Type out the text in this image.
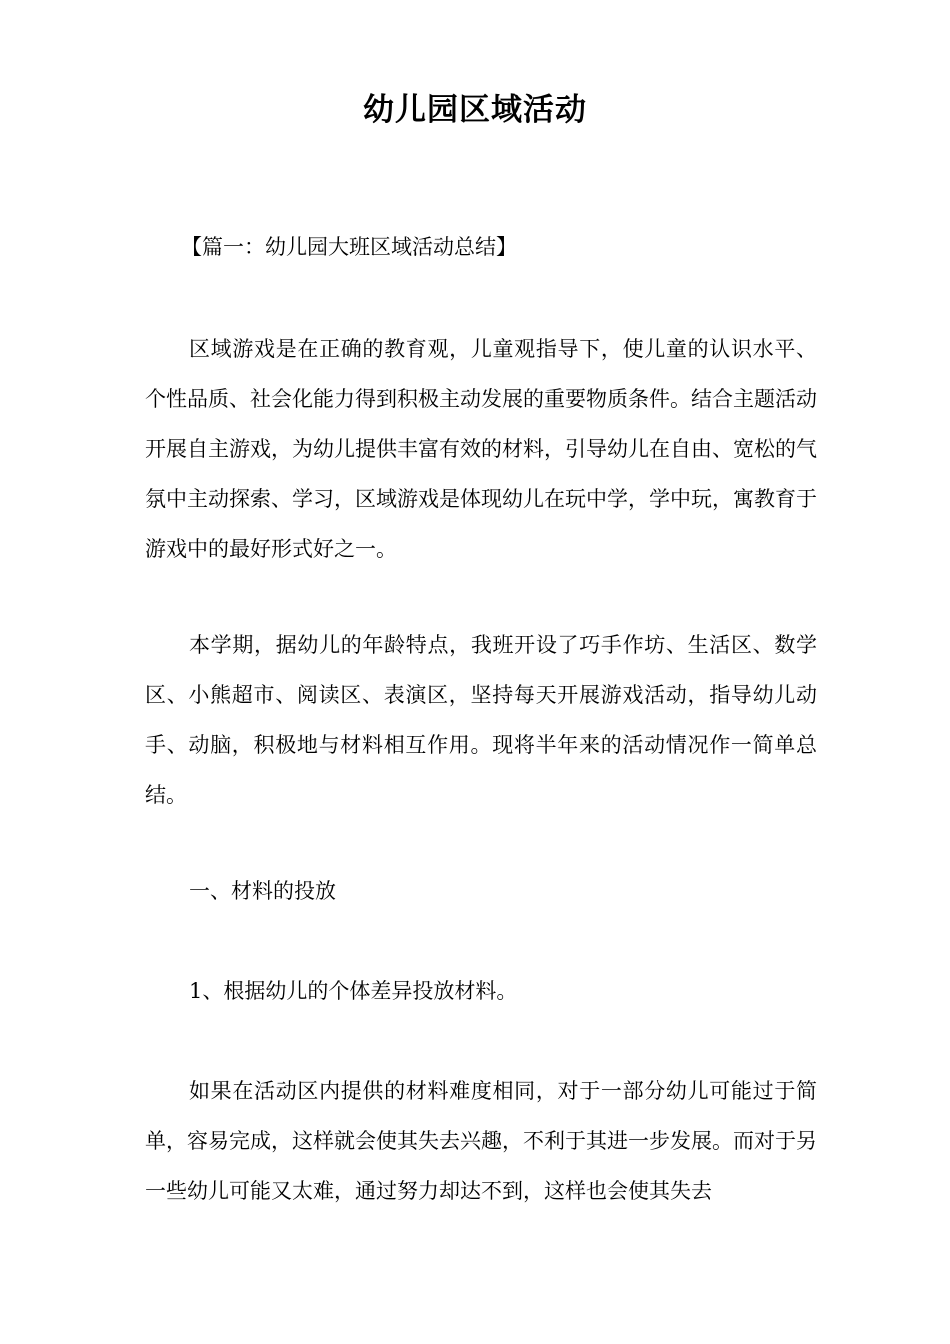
幼儿园区域活动

【篇一：幼儿园大班区域活动总结】

区域游戏是在正确的教育观，儿童观指导下，使儿童的认识水平、个性品质、社会化能力得到积极主动发展的重要物质条件。结合主题活动开展自主游戏，为幼儿提供丰富有效的材料，引导幼儿在自由、宽松的气氛中主动探索、学习，区域游戏是体现幼儿在玩中学，学中玩，寓教育于游戏中的最好形式好之一。

本学期，据幼儿的年龄特点，我班开设了巧手作坊、生活区、数学区、小熊超市、阅读区、表演区，坚持每天开展游戏活动，指导幼儿动手、动脑，积极地与材料相互作用。现将半年来的活动情况作一简单总结。

一、材料的投放

1、根据幼儿的个体差异投放材料。

如果在活动区内提供的材料难度相同，对于一部分幼儿可能过于简单，容易完成，这样就会使其失去兴趣，不利于其进一步发展。而对于另一些幼儿可能又太难，通过努力却达不到，这样也会使其失去
